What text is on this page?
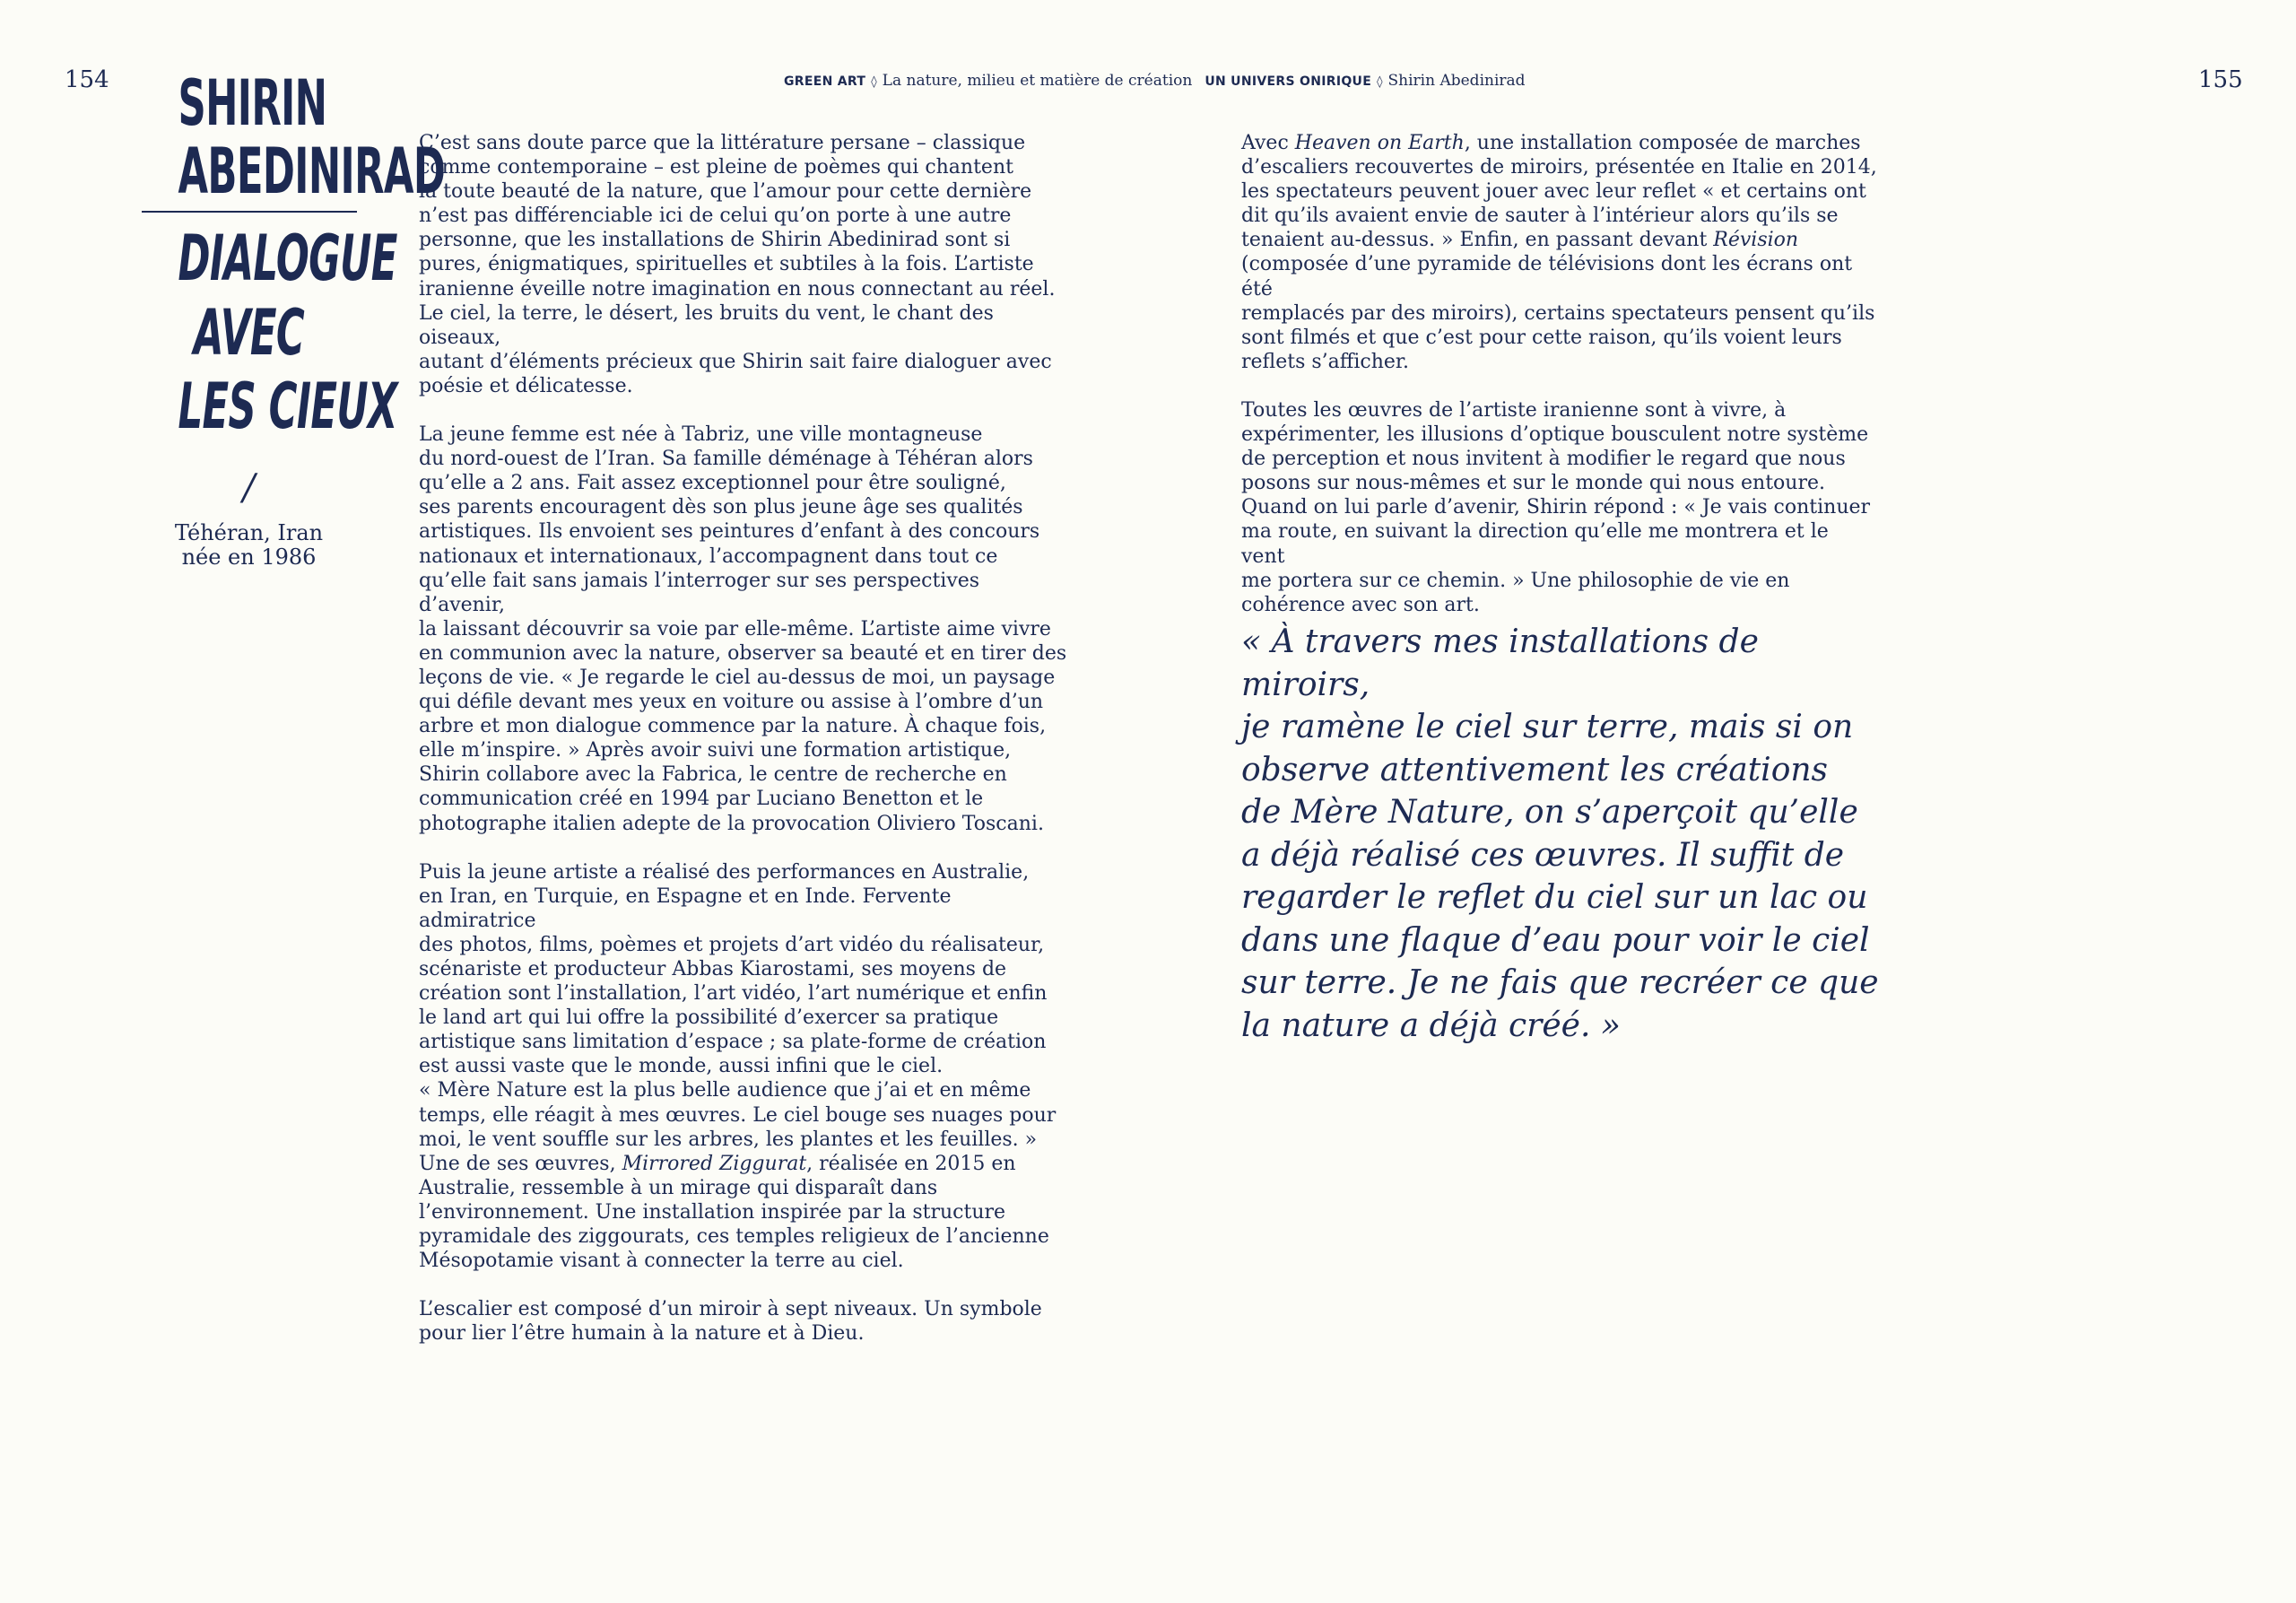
154	155
GREEN ART ◊ La nature, milieu et matière de création UN UNIVERS ONIRIQUE ◊ Shirin Abedinirad
SHIRIN
ABEDINIRAD
DIALOGUE
AVEC
LES CIEUX
/
Téhéran, Iran
née en 1986

C’est sans doute parce que la littérature persane – classique
comme contemporaine – est pleine de poèmes qui chantent
la toute beauté de la nature, que l’amour pour cette dernière
n’est pas différenciable ici de celui qu’on porte à une autre
personne, que les installations de Shirin Abedinirad sont si
pures, énigmatiques, spirituelles et subtiles à la fois. L’artiste
iranienne éveille notre imagination en nous connectant au réel.
Le ciel, la terre, le désert, les bruits du vent, le chant des oiseaux,
autant d’éléments précieux que Shirin sait faire dialoguer avec
poésie et délicatesse.

La jeune femme est née à Tabriz, une ville montagneuse
du nord-ouest de l’Iran. Sa famille déménage à Téhéran alors
qu’elle a 2 ans. Fait assez exceptionnel pour être souligné,
ses parents encouragent dès son plus jeune âge ses qualités
artistiques. Ils envoient ses peintures d’enfant à des concours
nationaux et internationaux, l’accompagnent dans tout ce
qu’elle fait sans jamais l’interroger sur ses perspectives d’avenir,
la laissant découvrir sa voie par elle-même. L’artiste aime vivre
en communion avec la nature, observer sa beauté et en tirer des
leçons de vie. « Je regarde le ciel au-dessus de moi, un paysage
qui défile devant mes yeux en voiture ou assise à l’ombre d’un
arbre et mon dialogue commence par la nature. À chaque fois,
elle m’inspire. » Après avoir suivi une formation artistique,
Shirin collabore avec la Fabrica, le centre de recherche en
communication créé en 1994 par Luciano Benetton et le
photographe italien adepte de la provocation Oliviero Toscani.

Puis la jeune artiste a réalisé des performances en Australie,
en Iran, en Turquie, en Espagne et en Inde. Fervente admiratrice
des photos, films, poèmes et projets d’art vidéo du réalisateur,
scénariste et producteur Abbas Kiarostami, ses moyens de
création sont l’installation, l’art vidéo, l’art numérique et enfin
le land art qui lui offre la possibilité d’exercer sa pratique
artistique sans limitation d’espace ; sa plate-forme de création
est aussi vaste que le monde, aussi infini que le ciel.
« Mère Nature est la plus belle audience que j’ai et en même
temps, elle réagit à mes œuvres. Le ciel bouge ses nuages pour
moi, le vent souffle sur les arbres, les plantes et les feuilles. »
Une de ses œuvres, Mirrored Ziggurat, réalisée en 2015 en
Australie, ressemble à un mirage qui disparaît dans
l’environnement. Une installation inspirée par la structure
pyramidale des ziggourats, ces temples religieux de l’ancienne
Mésopotamie visant à connecter la terre au ciel.

L’escalier est composé d’un miroir à sept niveaux. Un symbole
pour lier l’être humain à la nature et à Dieu.

Avec Heaven on Earth, une installation composée de marches
d’escaliers recouvertes de miroirs, présentée en Italie en 2014,
les spectateurs peuvent jouer avec leur reflet « et certains ont
dit qu’ils avaient envie de sauter à l’intérieur alors qu’ils se
tenaient au-dessus. » Enfin, en passant devant Révision
(composée d’une pyramide de télévisions dont les écrans ont été
remplacés par des miroirs), certains spectateurs pensent qu’ils
sont filmés et que c’est pour cette raison, qu’ils voient leurs
reflets s’afficher.

Toutes les œuvres de l’artiste iranienne sont à vivre, à
expérimenter, les illusions d’optique bousculent notre système
de perception et nous invitent à modifier le regard que nous
posons sur nous-mêmes et sur le monde qui nous entoure.
Quand on lui parle d’avenir, Shirin répond : « Je vais continuer
ma route, en suivant la direction qu’elle me montrera et le vent
me portera sur ce chemin. » Une philosophie de vie en
cohérence avec son art.

« À travers mes installations de miroirs,
je ramène le ciel sur terre, mais si on
observe attentivement les créations
de Mère Nature, on s’aperçoit qu’elle
a déjà réalisé ces œuvres. Il suffit de
regarder le reflet du ciel sur un lac ou
dans une flaque d’eau pour voir le ciel
sur terre. Je ne fais que recréer ce que
la nature a déjà créé. »
